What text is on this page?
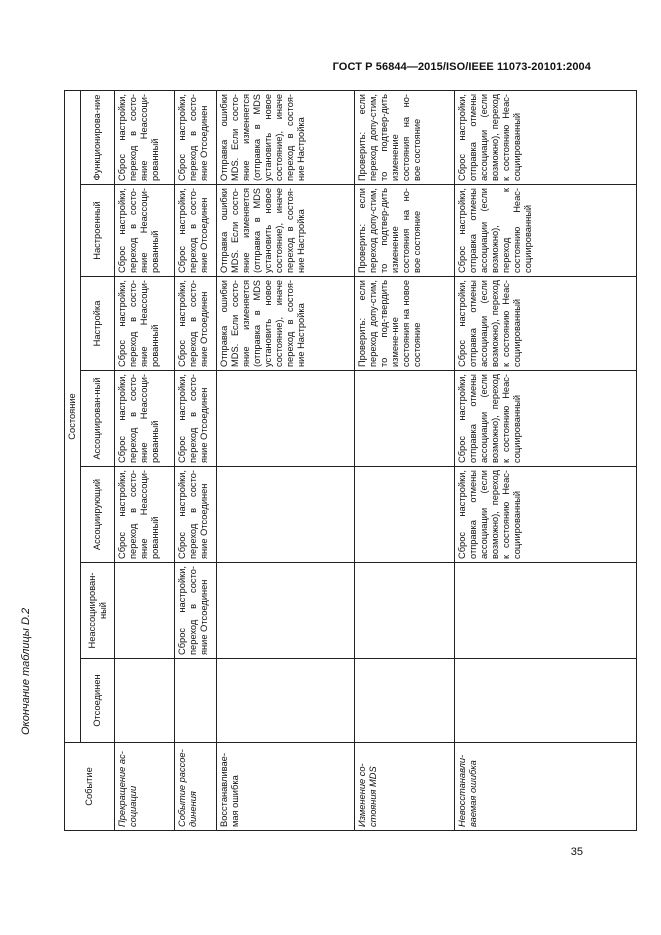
ГОСТ Р 56844—2015/ISO/IEEE 11073-20101:2004
Окончание таблицы D.2
Событие	Состояние						
	Отсоединен	Неассоциирован-ный	Ассоциирующий	Ассоциирован-ный	Настройка	Настроенный	Функционирова-ние
Прекращение ас-социации			Сброс настройки, переход в состо-яние Неассоци-рованный	Сброс настройки, переход в состо-яние Неассоци-рованный	Сброс настройки, переход в состо-яние Неассоци-рованный	Сброс настройки, переход в состо-яние Неассоци-рованный	Сброс настройки, переход в состо-яние Неассоци-рованный
Событие рассое-динения		Сброс настройки, переход в состо-яние Отсоединен	Сброс настройки, переход в состо-яние Отсоединен	Сброс настройки, переход в состо-яние Отсоединен	Сброс настройки, переход в состо-яние Отсоединен	Сброс настройки, переход в состо-яние Отсоединен	Сброс настройки, переход в состо-яние Отсоединен
Восстанавливае-мая ошибка					Отправка ошибки MDS. Если состо-яние изменяется (отправка в MDS установить новое состояние), иначе переход в состоя-ние Настройка	Отправка ошибки MDS. Если состо-яние изменяется (отправка в MDS установить новое состояние), иначе переход в состоя-ние Настройка	Отправка ошибки MDS. Если состо-яние изменяется (отправка в MDS установить новое состояние), иначе переход в состоя-ние Настройка
Изменение со-стояния MDS					Проверить: если переход допу-стим, то под-твердить измене-ние состояния на новое состояние	Проверить: если переход допу-стим, то подтвер-дить изменение состояния на но-вое состояние	Проверить: если переход допу-стим, то подтвер-дить изменение состояния на но-вое состояние
Невосстанавли-ваемая ошибка			Сброс настройки, отправка отмены ассоциации (если возможно), переход к состоянию Неас-социированный	Сброс настройки, отправка отмены ассоциации (если возможно), переход к состоянию Неас-социированный	Сброс настройки, отправка отмены ассоциации (если возможно), переход к состоянию Неас-социированный	Сброс настройки, отправка отмены ассоциации (если возможно), переход к состоянию Неас-социированный	Сброс настройки, отправка отмены ассоциации (если возможно), переход к состоянию Неас-социированный
35
